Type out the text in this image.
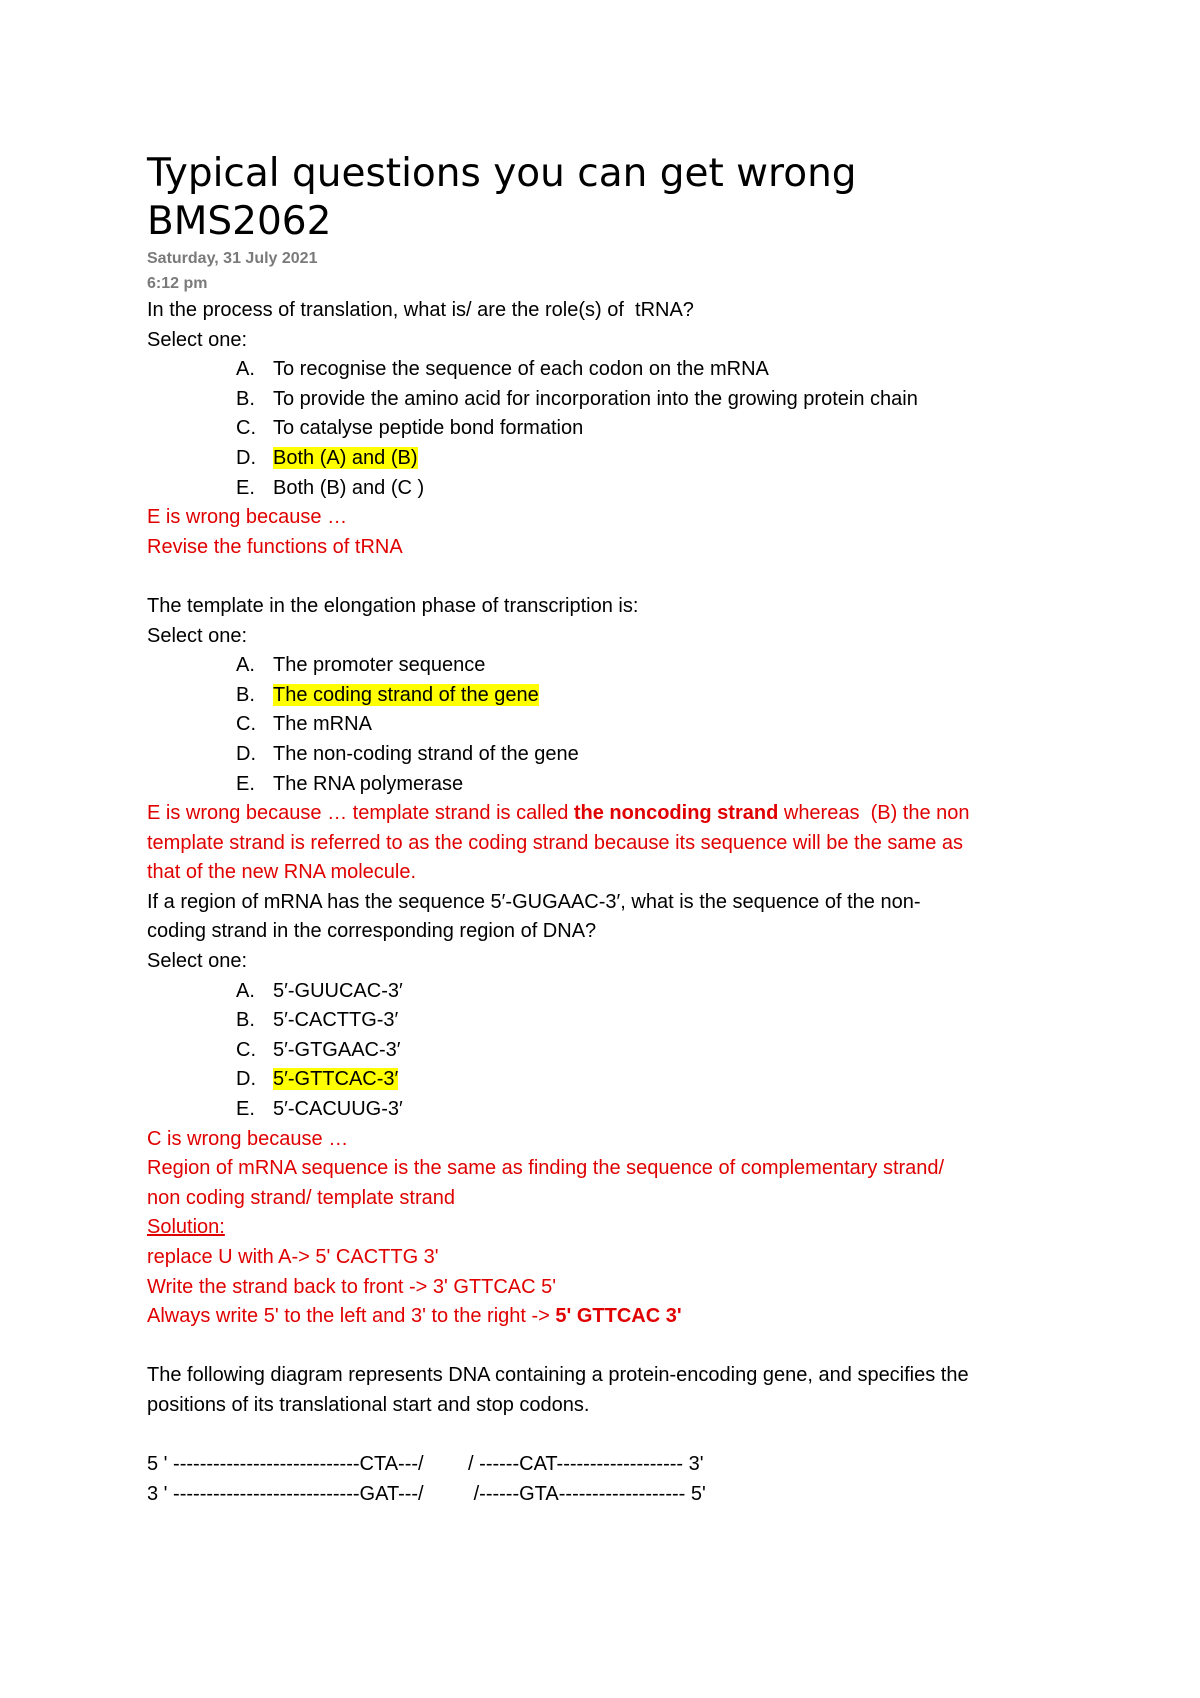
Typical questions you can get wrong
BMS2062
Saturday, 31 July 2021
6:12 pm
In the process of translation, what is/ are the role(s) of  tRNA?
Select one:
A. To recognise the sequence of each codon on the mRNA
B. To provide the amino acid for incorporation into the growing protein chain
C. To catalyse peptide bond formation
D. Both (A) and (B)
E. Both (B) and (C )
E is wrong because …
Revise the functions of tRNA
The template in the elongation phase of transcription is:
Select one:
A. The promoter sequence
B. The coding strand of the gene
C. The mRNA
D. The non-coding strand of the gene
E. The RNA polymerase
E is wrong because … template strand is called the noncoding strand whereas  (B) the non
template strand is referred to as the coding strand because its sequence will be the same as
that of the new RNA molecule.
If a region of mRNA has the sequence 5′-GUGAAC-3′, what is the sequence of the non-
coding strand in the corresponding region of DNA?
Select one:
A. 5′-GUUCAC-3′
B. 5′-CACTTG-3′
C. 5′-GTGAAC-3′
D. 5′-GTTCAC-3′
E. 5′-CACUUG-3′
C is wrong because …
Region of mRNA sequence is the same as finding the sequence of complementary strand/
non coding strand/ template strand
Solution:
replace U with A-> 5' CACTTG 3'
Write the strand back to front -> 3' GTTCAC 5'
Always write 5' to the left and 3' to the right -> 5' GTTCAC 3'
The following diagram represents DNA containing a protein-encoding gene, and specifies the
positions of its translational start and stop codons.
5 ' ----------------------------CTA---/        / ------CAT------------------- 3'
3 ' ----------------------------GAT---/         /------GTA------------------- 5'
